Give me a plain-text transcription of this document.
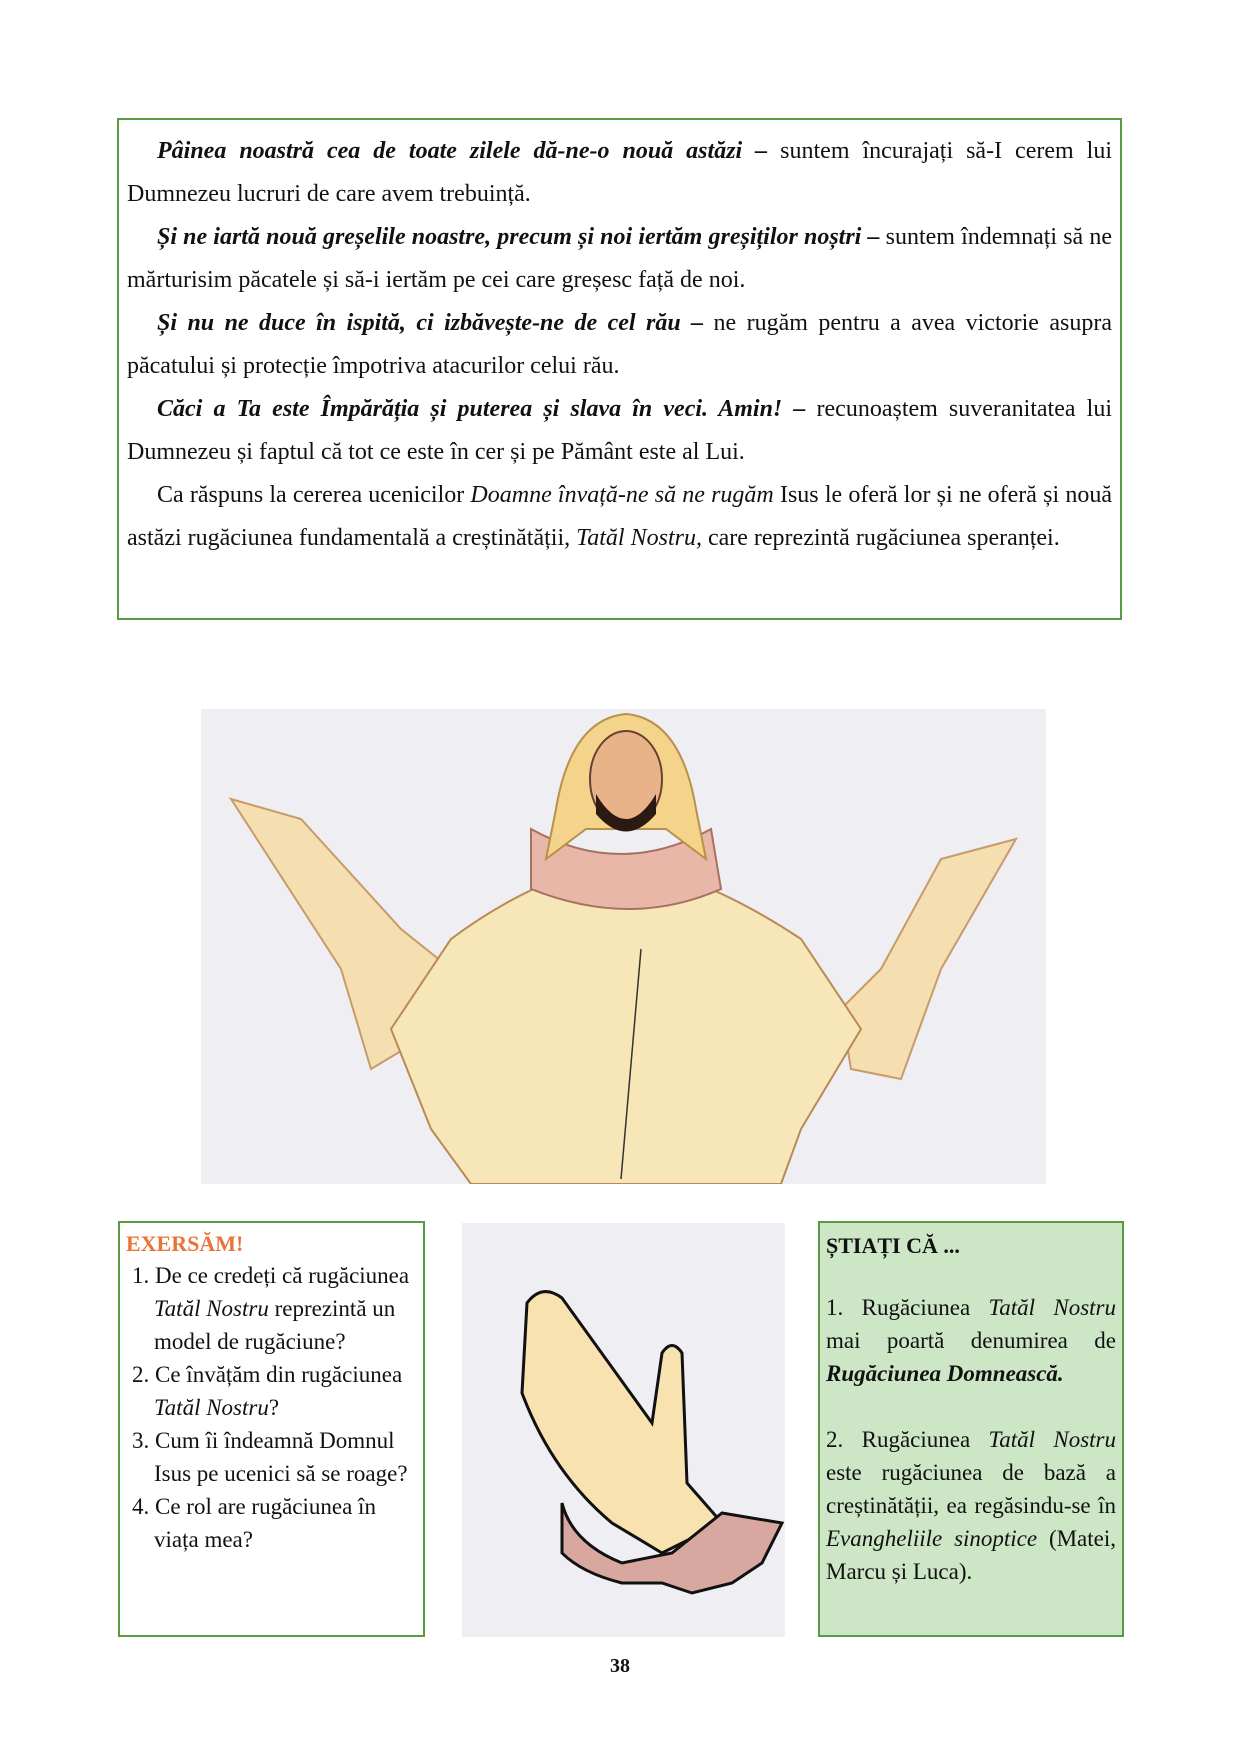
Pâinea noastră cea de toate zilele dă-ne-o nouă astăzi – suntem încurajați să-I cerem lui Dumnezeu lucruri de care avem trebuință.

Și ne iartă nouă greșelile noastre, precum și noi iertăm greșiților noștri – suntem îndemnați să ne mărturisim păcatele și să-i iertăm pe cei care greșesc față de noi.

Și nu ne duce în ispită, ci izbăvește-ne de cel rău – ne rugăm pentru a avea victorie asupra păcatului și protecție împotriva atacurilor celui rău.

Căci a Ta este Împărăția și puterea și slava în veci. Amin! – recunoaștem suveranitatea lui Dumnezeu și faptul că tot ce este în cer și pe Pământ este al Lui.

Ca răspuns la cererea ucenicilor Doamne învață-ne să ne rugăm Isus le oferă lor și ne oferă și nouă astăzi rugăciunea fundamentală a creștinătății, Tatăl Nostru, care reprezintă rugăciunea speranței.

EXERSĂM!
1. De ce credeți că rugăciunea Tatăl Nostru reprezintă un model de rugăciune?
2. Ce învățăm din rugăciunea Tatăl Nostru?
3. Cum îi îndeamnă Domnul Isus pe ucenici să se roage?
4. Ce rol are rugăciunea în viața mea?
ȘTIAȚI CĂ ...

1. Rugăciunea Tatăl Nostru mai poartă denumirea de Rugăciunea Domnească.

2. Rugăciunea Tatăl Nostru este rugăciunea de bază a creștinătății, ea regăsindu-se în Evangheliile sinoptice (Matei, Marcu și Luca).

38
